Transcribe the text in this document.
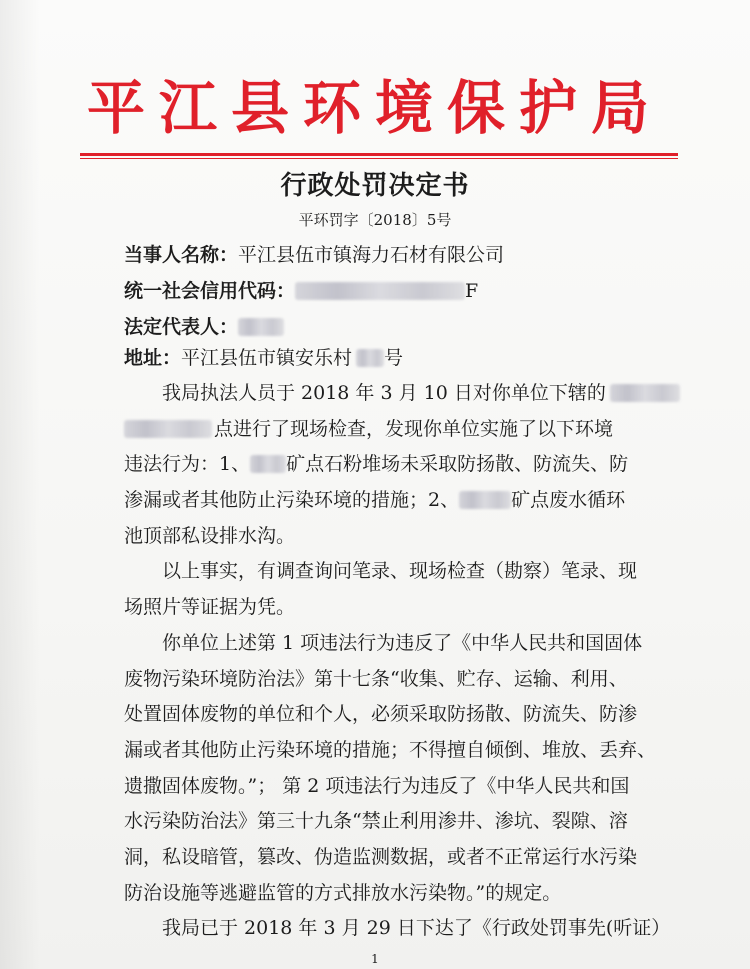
平江县环境保护局
行政处罚决定书
平环罚字〔2018〕5号
当事人名称：平江县伍市镇海力石材有限公司
统一社会信用代码：	F
法定代表人：
地址：平江县伍市镇安乐村 号
我局执法人员于 2018 年 3 月 10 日对你单位下辖的
点进行了现场检查，发现你单位实施了以下环境
违法行为：1、 矿点石粉堆场未采取防扬散、防流失、防
渗漏或者其他防止污染环境的措施；2、	矿点废水循环
池顶部私设排水沟。
以上事实，有调查询问笔录、现场检查（勘察）笔录、现
场照片等证据为凭。
你单位上述第 1 项违法行为违反了《中华人民共和国固体
废物污染环境防治法》第十七条“收集、贮存、运输、利用、
处置固体废物的单位和个人，必须采取防扬散、防流失、防渗
漏或者其他防止污染环境的措施；不得擅自倾倒、堆放、丢弃、
遗撒固体废物。”； 第 2 项违法行为违反了《中华人民共和国
水污染防治法》第三十九条“禁止利用渗井、渗坑、裂隙、溶
洞，私设暗管，篡改、伪造监测数据，或者不正常运行水污染
防治设施等逃避监管的方式排放水污染物。”的规定。
我局已于 2018 年 3 月 29 日下达了《行政处罚事先(听证）
1
